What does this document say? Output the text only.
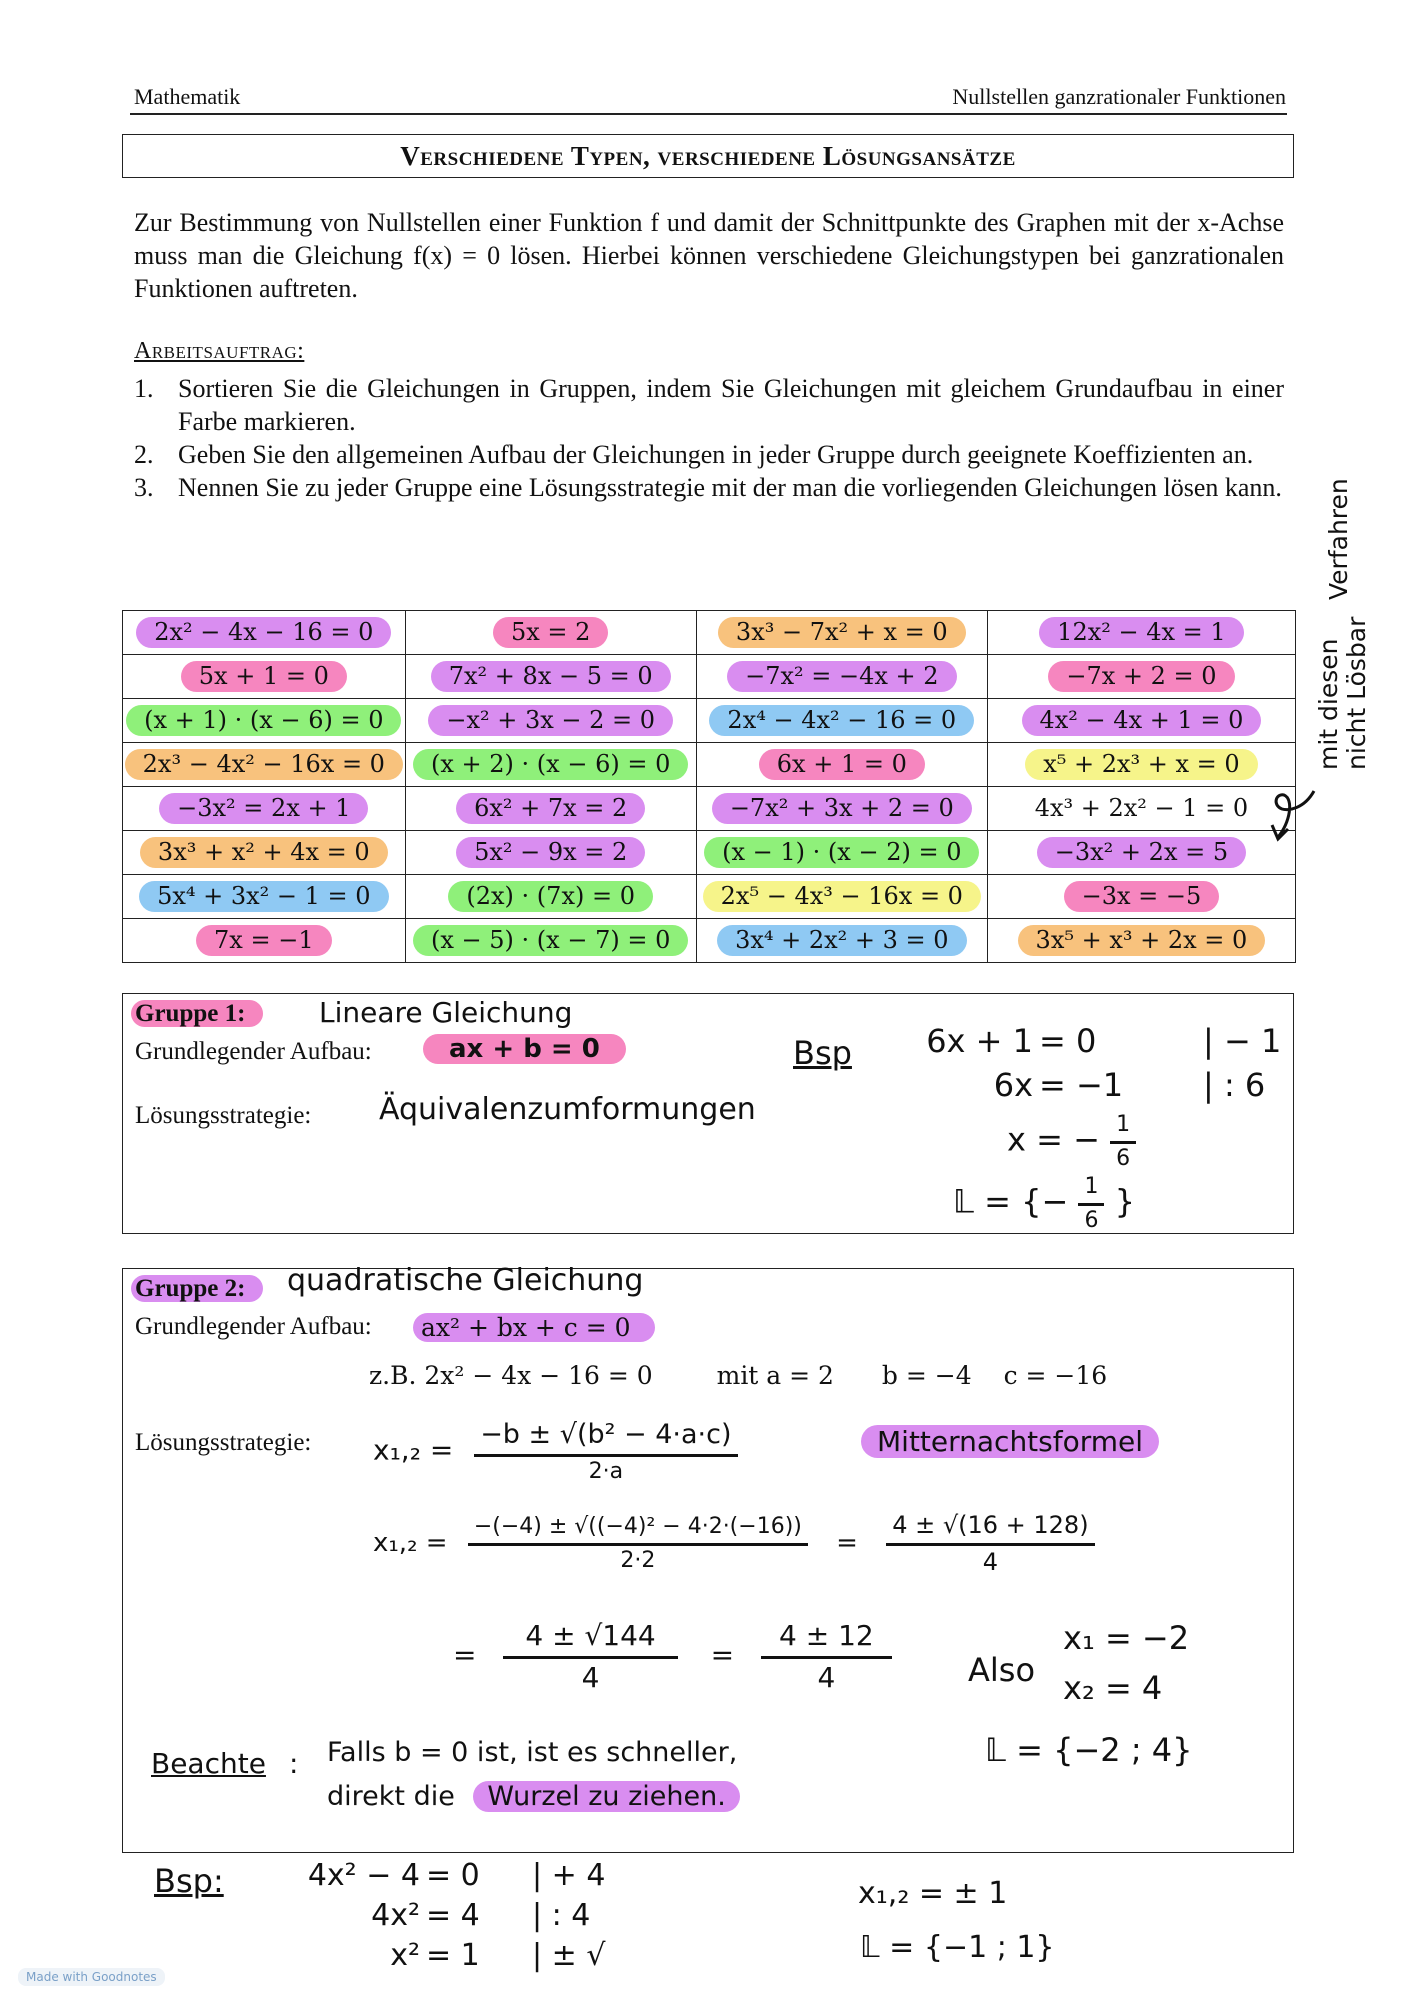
Mathematik	Nullstellen ganzrationaler Funktionen
Verschiedene Typen, verschiedene Lösungsansätze
Zur Bestimmung von Nullstellen einer Funktion f und damit der Schnittpunkte des Graphen mit der x-Achse muss man die Gleichung f(x) = 0 lösen. Hierbei können verschiedene Gleichungstypen bei ganzrationalen Funktionen auftreten.
Arbeitsauftrag:
1. Sortieren Sie die Gleichungen in Gruppen, indem Sie Gleichungen mit gleichem Grundaufbau in einer Farbe markieren.
2. Geben Sie den allgemeinen Aufbau der Gleichungen in jeder Gruppe durch geeignete Koeffizienten an.
3. Nennen Sie zu jeder Gruppe eine Lösungsstrategie mit der man die vorliegenden Gleichungen lösen kann.
2x² − 4x − 16 = 0	5x = 2	3x³ − 7x² + x = 0	12x² − 4x = 1
5x + 1 = 0	7x² + 8x − 5 = 0	−7x² = −4x + 2	−7x + 2 = 0
(x + 1) · (x − 6) = 0	−x² + 3x − 2 = 0	2x⁴ − 4x² − 16 = 0	4x² − 4x + 1 = 0
2x³ − 4x² − 16x = 0	(x + 2) · (x − 6) = 0	6x + 1 = 0	x⁵ + 2x³ + x = 0
−3x² = 2x + 1	6x² + 7x = 2	−7x² + 3x + 2 = 0	4x³ + 2x² − 1 = 0
3x³ + x² + 4x = 0	5x² − 9x = 2	(x − 1) · (x − 2) = 0	−3x² + 2x = 5
5x⁴ + 3x² − 1 = 0	(2x) · (7x) = 0	2x⁵ − 4x³ − 16x = 0	−3x = −5
7x = −1	(x − 5) · (x − 7) = 0	3x⁴ + 2x² + 3 = 0	3x⁵ + x³ + 2x = 0
mit diesen nicht Lösbar
Verfahren
Gruppe 1:	Lineare Gleichung
Grundlegender Aufbau:	ax + b = 0
Lösungsstrategie: Äquivalenzumformungen
Bsp 6x + 1 = 0	| − 1
6x = −1 | : 6
x = − $\frac{1}{6}$
𝕃 = {− $\frac{1}{6}$ }
Gruppe 2:	quadratische Gleichung
Grundlegender Aufbau:	ax² + bx + c = 0
z.B. 2x² − 4x − 16 = 0	mit a = 2 b = −4 c = −16
Lösungsstrategie: $x_1,_2 = \frac{\text{−b ± √(b² − 4·a·c)}}{2\cdot a}$	Mitternachtsformel
$x_1,_2 = \frac{\text{−(−4) ± √((−4)² − 4·2·(−16))}}{2\cdot 2} = \frac{4 \pm √(16 + 128)}{4}$
= $\frac{4 \pm √144}{4} = \frac{4 \pm 12}{4}$ Also
x₁ = −2
x₂ = 4
𝕃 = {−2 ; 4}
Beachte : Falls b = 0 ist, ist es schneller,
direkt die Wurzel zu ziehen.
Bsp:	4x² − 4 = 0 | + 4
4x² = 4 | : 4
x² = 1 | ± √
x₁,₂ = ± 1
𝕃 = {−1 ; 1}
Made with Goodnotes
